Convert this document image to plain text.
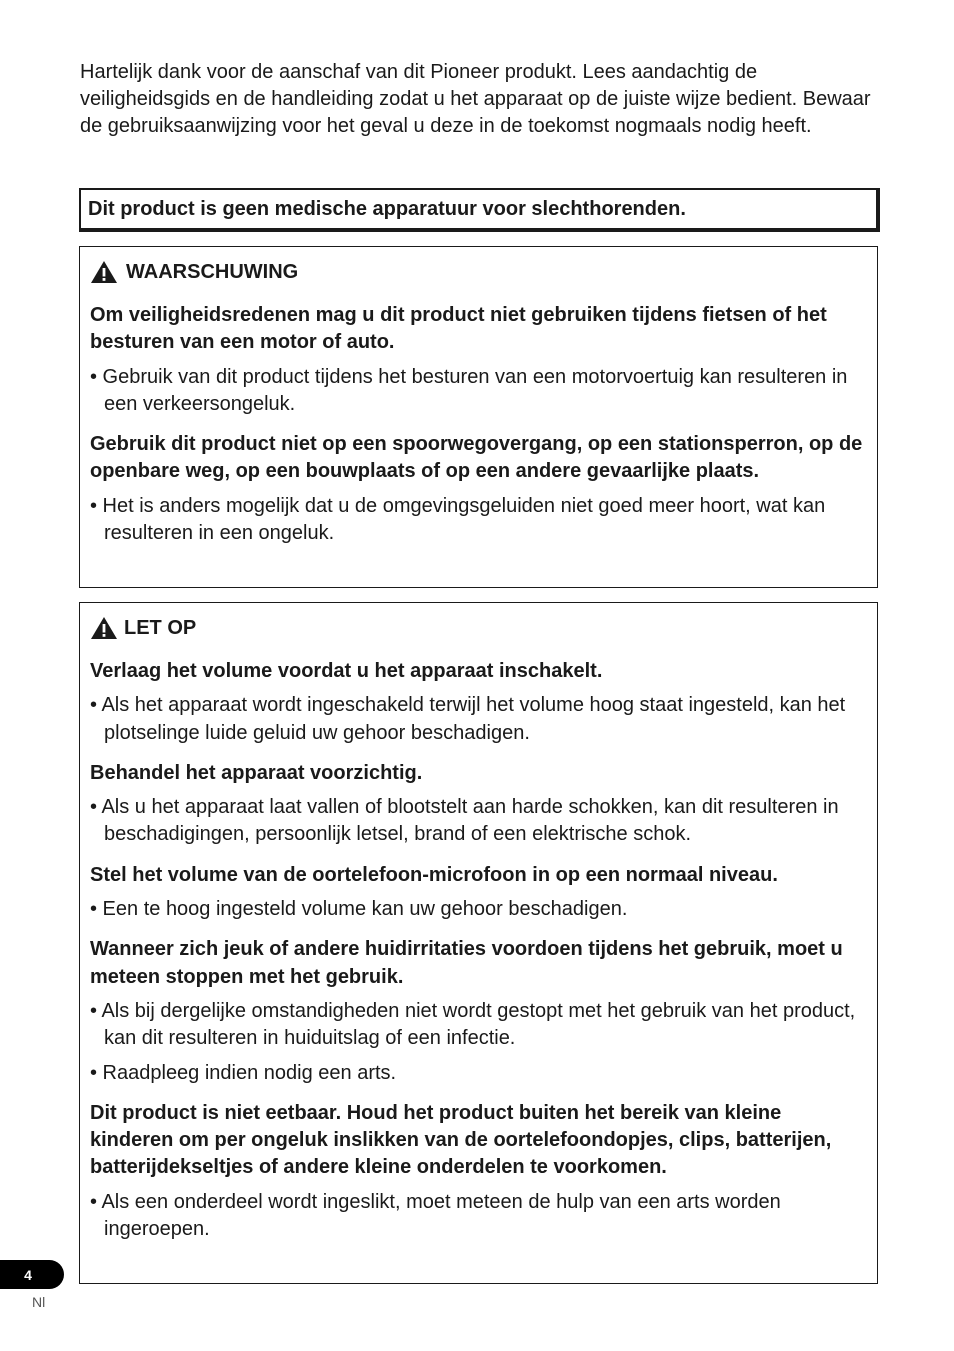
Hartelijk dank voor de aanschaf van dit Pioneer produkt. Lees aandachtig de veiligheidsgids en de handleiding zodat u het apparaat op de juiste wijze bedient. Bewaar de gebruiksaanwijzing voor het geval u deze in de toekomst nogmaals nodig heeft.

Dit product is geen medische apparatuur voor slechthorenden.
WAARSCHUWING

Om veiligheidsredenen mag u dit product niet gebruiken tijdens fietsen of het besturen van een motor of auto.

• Gebruik van dit product tijdens het besturen van een motorvoertuig kan resulteren in een verkeersongeluk.

Gebruik dit product niet op een spoorwegovergang, op een stationsperron, op de openbare weg, op een bouwplaats of op een andere gevaarlijke plaats.

• Het is anders mogelijk dat u de omgevingsgeluiden niet goed meer hoort, wat kan resulteren in een ongeluk.

LET OP

Verlaag het volume voordat u het apparaat inschakelt.

• Als het apparaat wordt ingeschakeld terwijl het volume hoog staat ingesteld, kan het plotselinge luide geluid uw gehoor beschadigen.

Behandel het apparaat voorzichtig.

• Als u het apparaat laat vallen of blootstelt aan harde schokken, kan dit resulteren in beschadigingen, persoonlijk letsel, brand of een elektrische schok.

Stel het volume van de oortelefoon-microfoon in op een normaal niveau.

• Een te hoog ingesteld volume kan uw gehoor beschadigen.

Wanneer zich jeuk of andere huidirritaties voordoen tijdens het gebruik, moet u meteen stoppen met het gebruik.

• Als bij dergelijke omstandigheden niet wordt gestopt met het gebruik van het product, kan dit resulteren in huiduitslag of een infectie.

• Raadpleeg indien nodig een arts.

Dit product is niet eetbaar. Houd het product buiten het bereik van kleine kinderen om per ongeluk inslikken van de oortelefoondopjes, clips, batterijen, batterijdekseltjes of andere kleine onderdelen te voorkomen.

• Als een onderdeel wordt ingeslikt, moet meteen de hulp van een arts worden ingeroepen.

4
Nl
